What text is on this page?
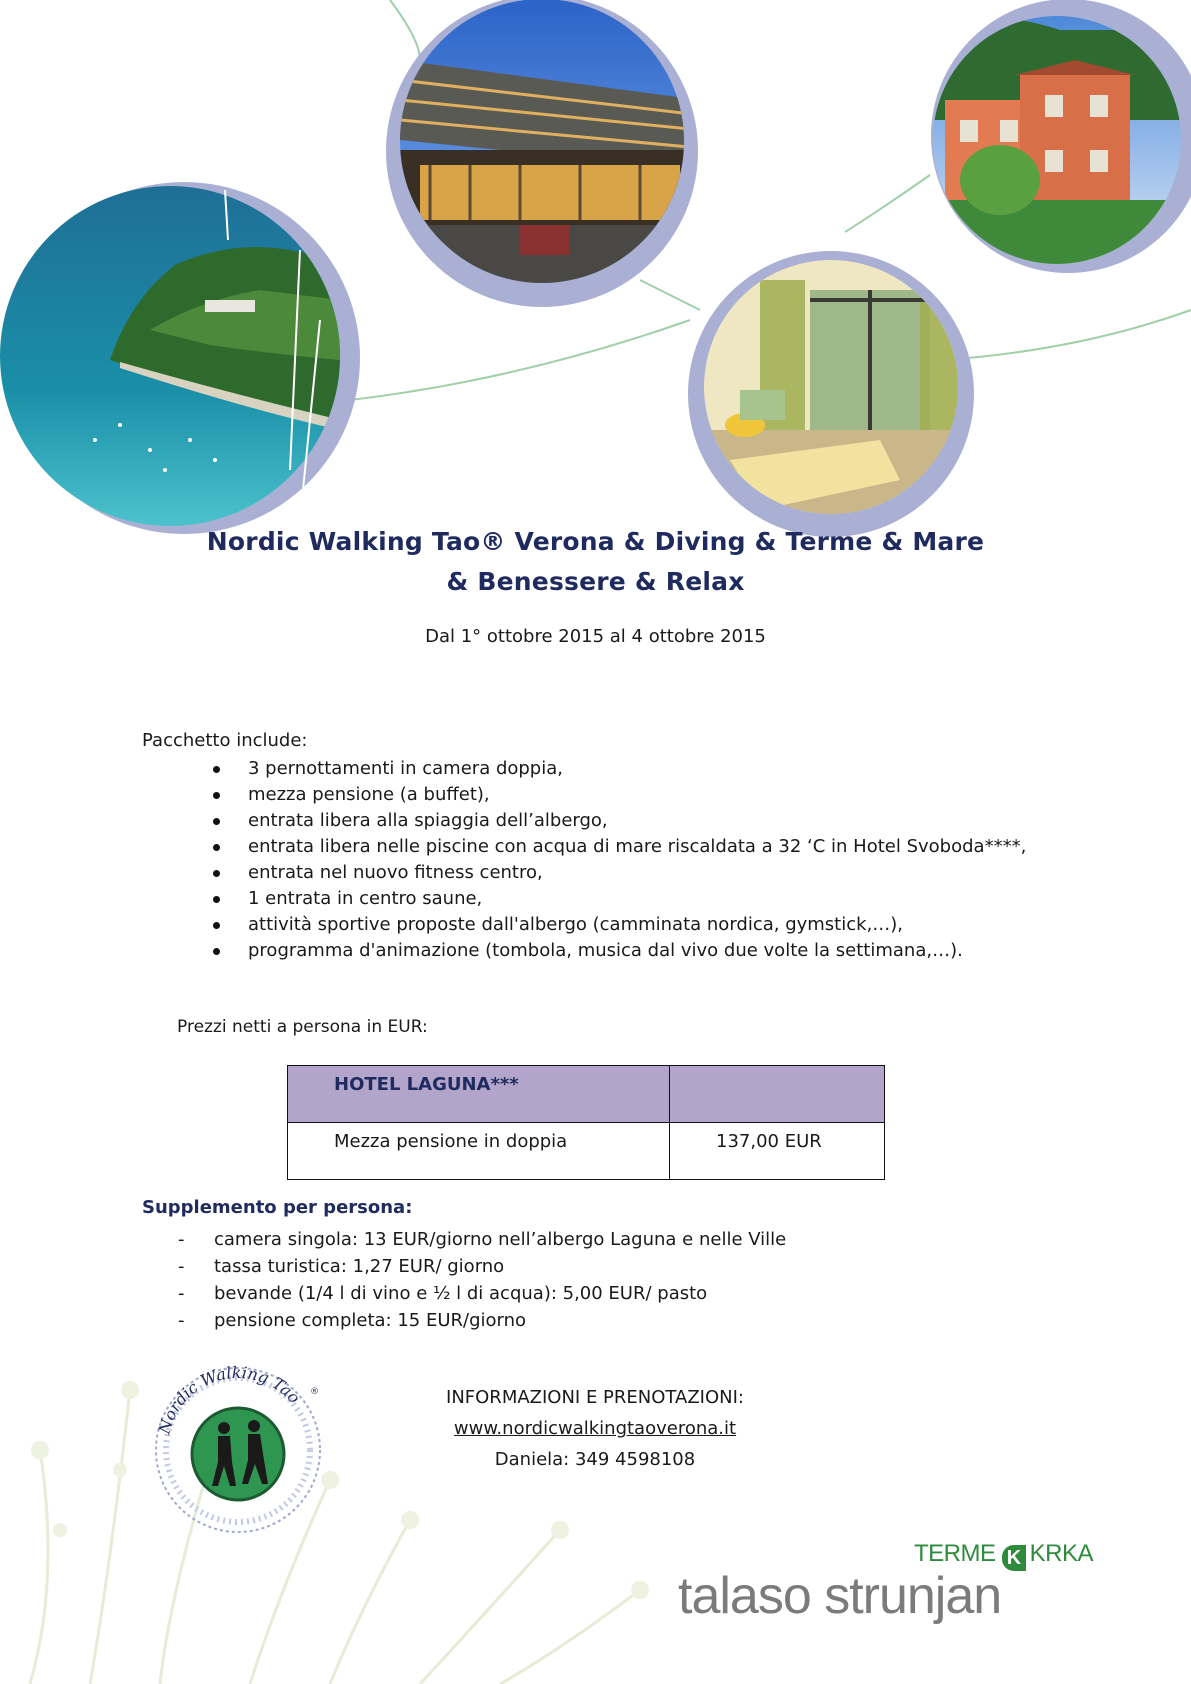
Nordic Walking Tao® Verona & Diving & Terme & Mare
& Benessere & Relax
Dal 1° ottobre 2015 al 4 ottobre 2015
Pacchetto include:
3 pernottamenti in camera doppia,
mezza pensione (a buffet),
entrata libera alla spiaggia dell’albergo,
entrata libera nelle piscine con acqua di mare riscaldata a 32 ‘C in Hotel Svoboda****,
entrata nel nuovo fitness centro,
1 entrata in centro saune,
attività sportive proposte dall'albergo (camminata nordica, gymstick,…),
programma d'animazione (tombola, musica dal vivo due volte la settimana,…).
Prezzi netti a persona in EUR:
HOTEL LAGUNA***	
Mezza pensione in doppia	137,00 EUR
Supplemento per persona:
- camera singola: 13 EUR/giorno nell’albergo Laguna e nelle Ville
- tassa turistica: 1,27 EUR/ giorno
- bevande (1/4 l di vino e ½ l di acqua): 5,00 EUR/ pasto
- pensione completa: 15 EUR/giorno
Nordic Walking Tao ®	INFORMAZIONI E PRENOTAZIONI:
www.nordicwalkingtaoverona.it
Daniela: 349 4598108
TERME K KRKA
talaso strunjan
